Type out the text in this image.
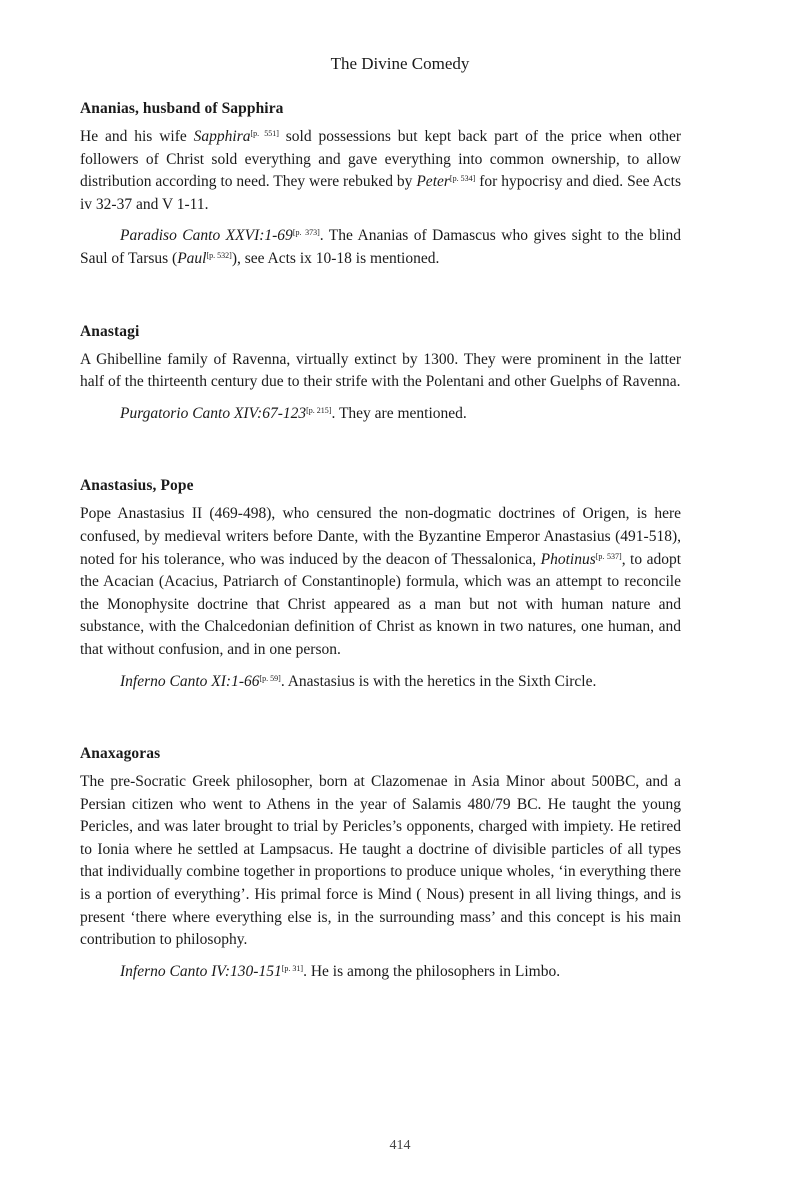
The Divine Comedy
Ananias, husband of Sapphira

He and his wife Sapphira[p. 551] sold possessions but kept back part of the price when other followers of Christ sold everything and gave everything into common ownership, to allow distribution according to need. They were rebuked by Peter[p. 534] for hypocrisy and died. See Acts iv 32-37 and V 1-11.

Paradiso Canto XXVI:1-69[p. 373]. The Ananias of Damascus who gives sight to the blind Saul of Tarsus (Paul[p. 532]), see Acts ix 10-18 is mentioned.

Anastagi

A Ghibelline family of Ravenna, virtually extinct by 1300. They were prominent in the latter half of the thirteenth century due to their strife with the Polentani and other Guelphs of Ravenna.

Purgatorio Canto XIV:67-123[p. 215]. They are mentioned.

Anastasius, Pope

Pope Anastasius II (469-498), who censured the non-dogmatic doctrines of Origen, is here confused, by medieval writers before Dante, with the Byzantine Emperor Anastasius (491-518), noted for his tolerance, who was induced by the deacon of Thessalonica, Photinus[p. 537], to adopt the Acacian (Acacius, Patriarch of Constantinople) formula, which was an attempt to reconcile the Monophysite doctrine that Christ appeared as a man but not with human nature and substance, with the Chalcedonian definition of Christ as known in two natures, one human, and that without confusion, and in one person.

Inferno Canto XI:1-66[p. 59]. Anastasius is with the heretics in the Sixth Circle.

Anaxagoras

The pre-Socratic Greek philosopher, born at Clazomenae in Asia Minor about 500BC, and a Persian citizen who went to Athens in the year of Salamis 480/79 BC. He taught the young Pericles, and was later brought to trial by Pericles’s opponents, charged with impiety. He retired to Ionia where he settled at Lampsacus. He taught a doctrine of divisible particles of all types that individually combine together in proportions to produce unique wholes, ‘in everything there is a portion of everything’. His primal force is Mind ( Nous) present in all living things, and is present ‘there where everything else is, in the surrounding mass’ and this concept is his main contribution to philosophy.

Inferno Canto IV:130-151[p. 31]. He is among the philosophers in Limbo.

414
